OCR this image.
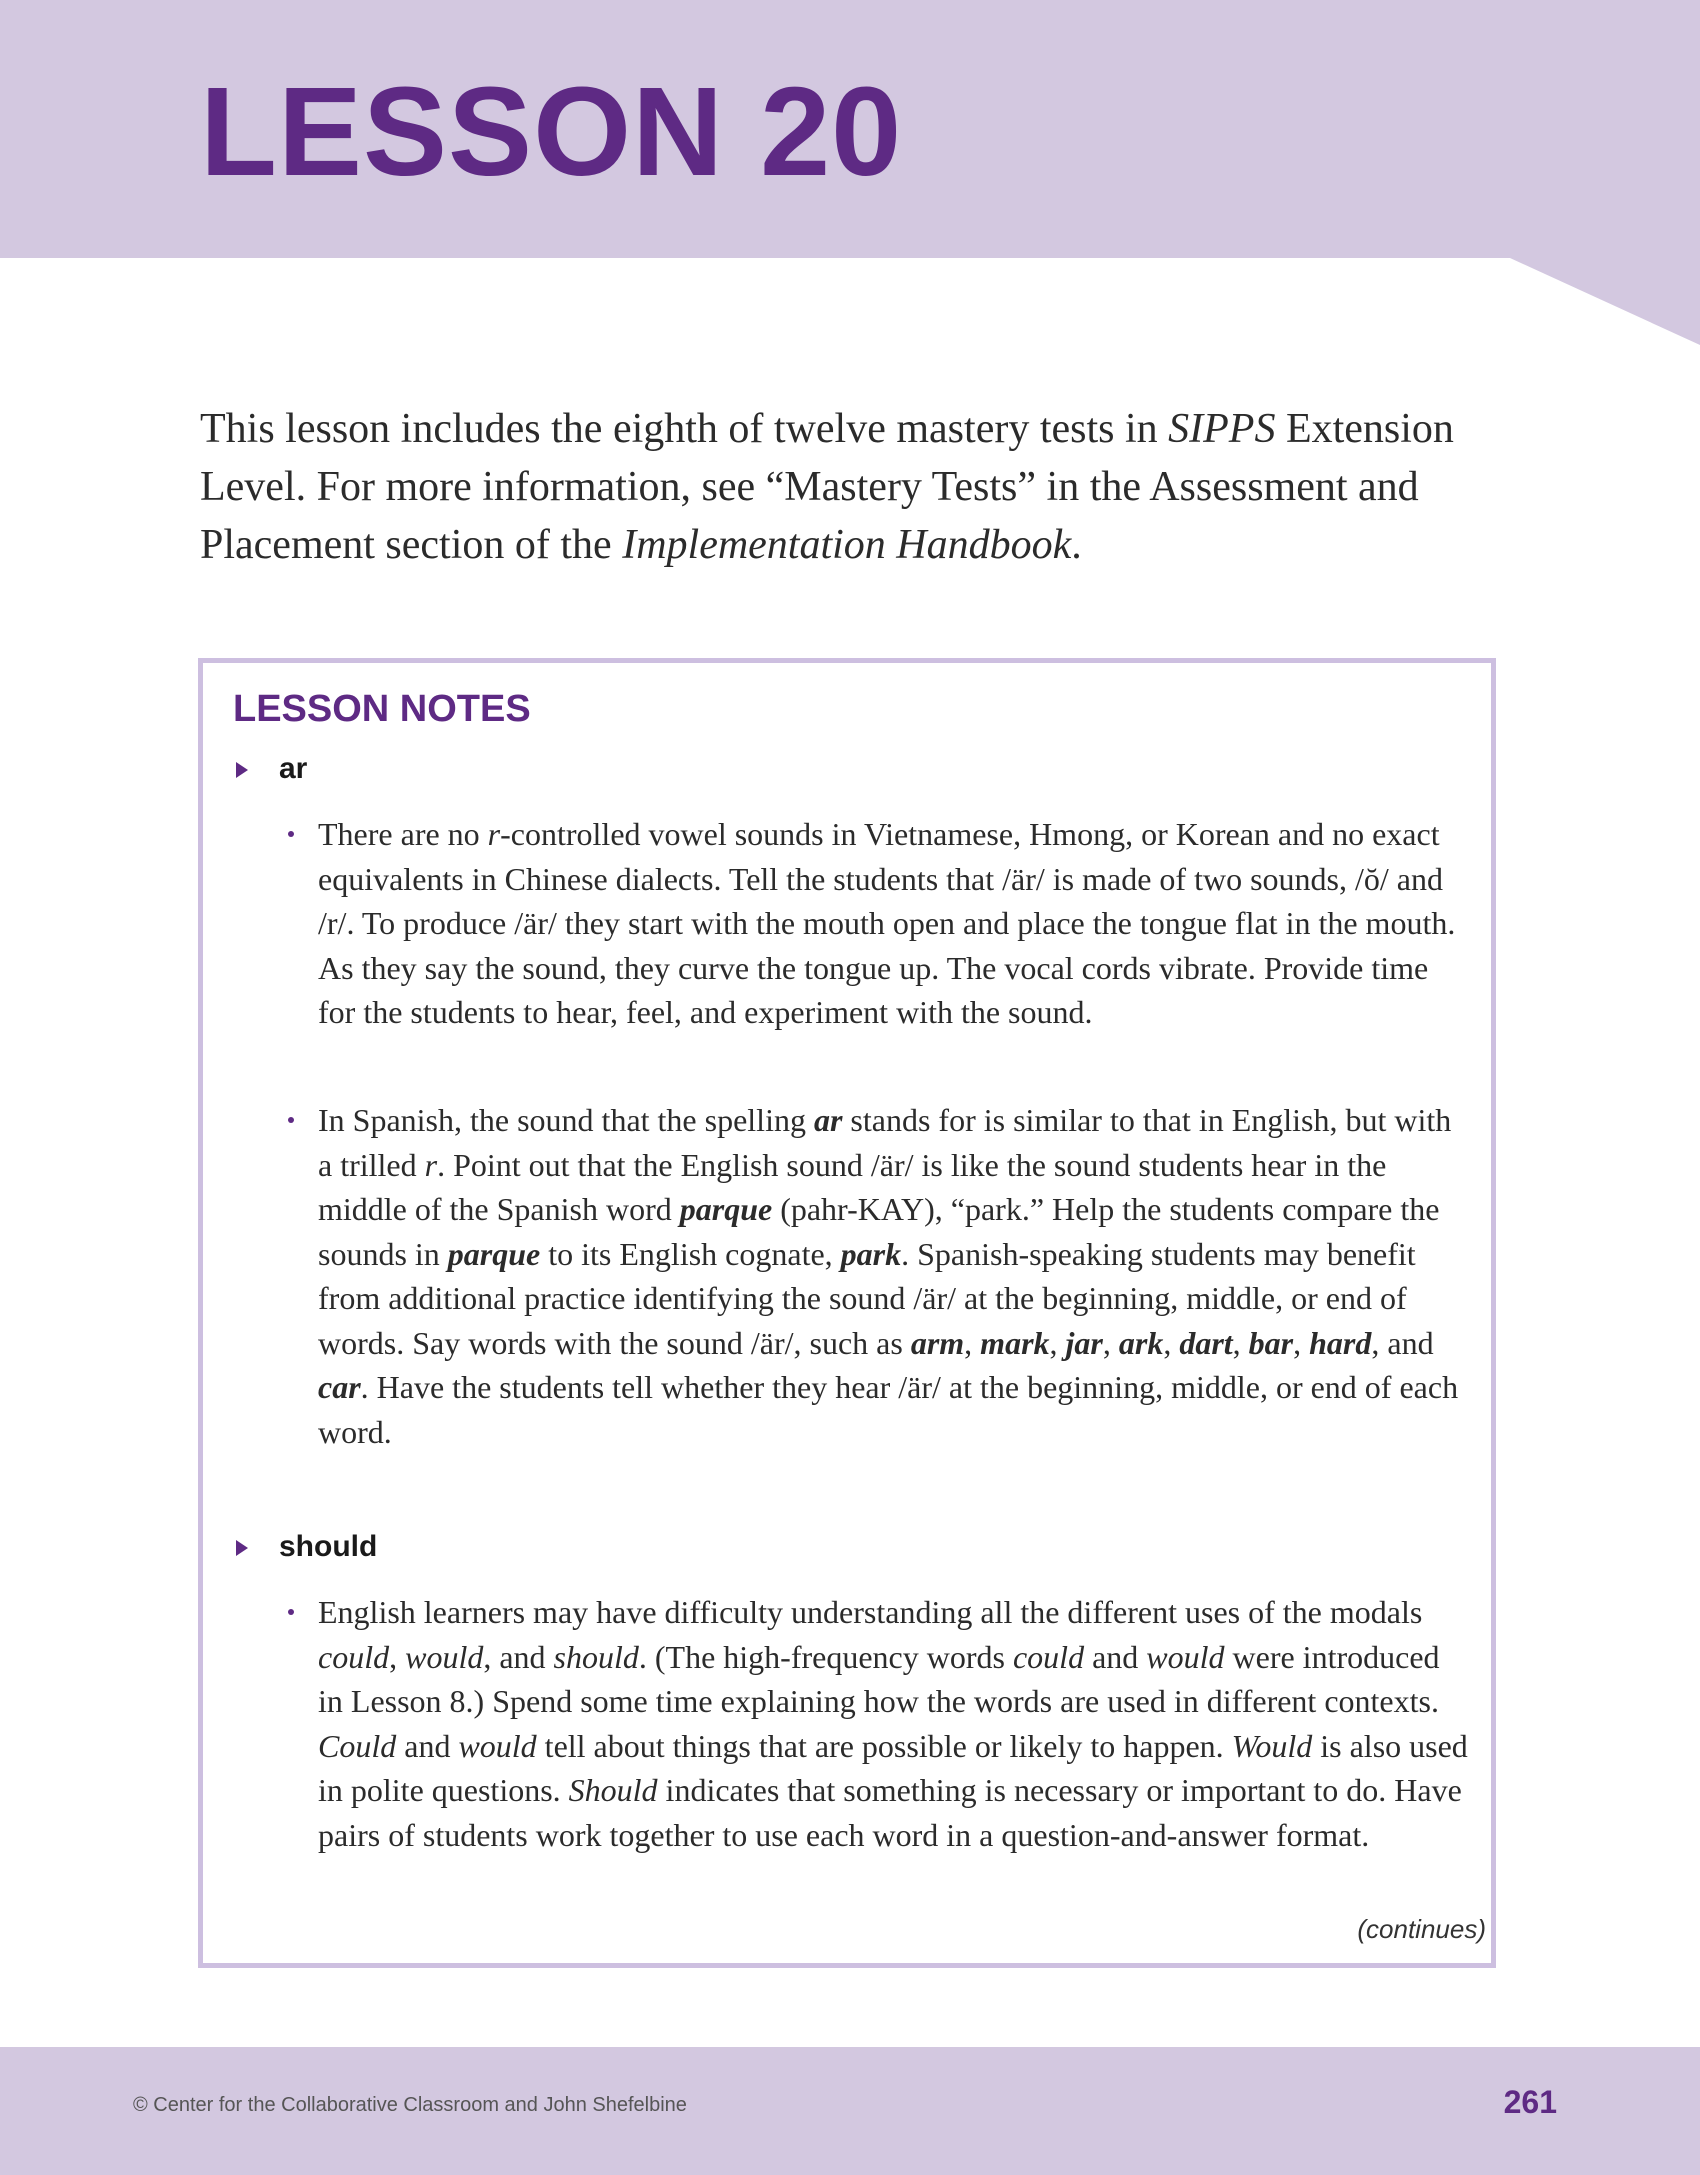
LESSON 20

This lesson includes the eighth of twelve mastery tests in SIPPS Extension Level. For more information, see “Mastery Tests” in the Assessment and Placement section of the Implementation Handbook.

LESSON NOTES
ar

There are no r-controlled vowel sounds in Vietnamese, Hmong, or Korean and no exact equivalents in Chinese dialects. Tell the students that /är/ is made of two sounds, /ŏ/ and /r/. To produce /är/ they start with the mouth open and place the tongue flat in the mouth. As they say the sound, they curve the tongue up. The vocal cords vibrate. Provide time for the students to hear, feel, and experiment with the sound.

In Spanish, the sound that the spelling ar stands for is similar to that in English, but with a trilled r. Point out that the English sound /är/ is like the sound students hear in the middle of the Spanish word parque (pahr-KAY), “park.” Help the students compare the sounds in parque to its English cognate, park. Spanish-speaking students may benefit from additional practice identifying the sound /är/ at the beginning, middle, or end of words. Say words with the sound /är/, such as arm, mark, jar, ark, dart, bar, hard, and car. Have the students tell whether they hear /är/ at the beginning, middle, or end of each word.

should

English learners may have difficulty understanding all the different uses of the modals could, would, and should. (The high-frequency words could and would were introduced in Lesson 8.) Spend some time explaining how the words are used in different contexts. Could and would tell about things that are possible or likely to happen. Would is also used in polite questions. Should indicates that something is necessary or important to do. Have pairs of students work together to use each word in a question-and-answer format.

(continues)
© Center for the Collaborative Classroom and John Shefelbine	261
